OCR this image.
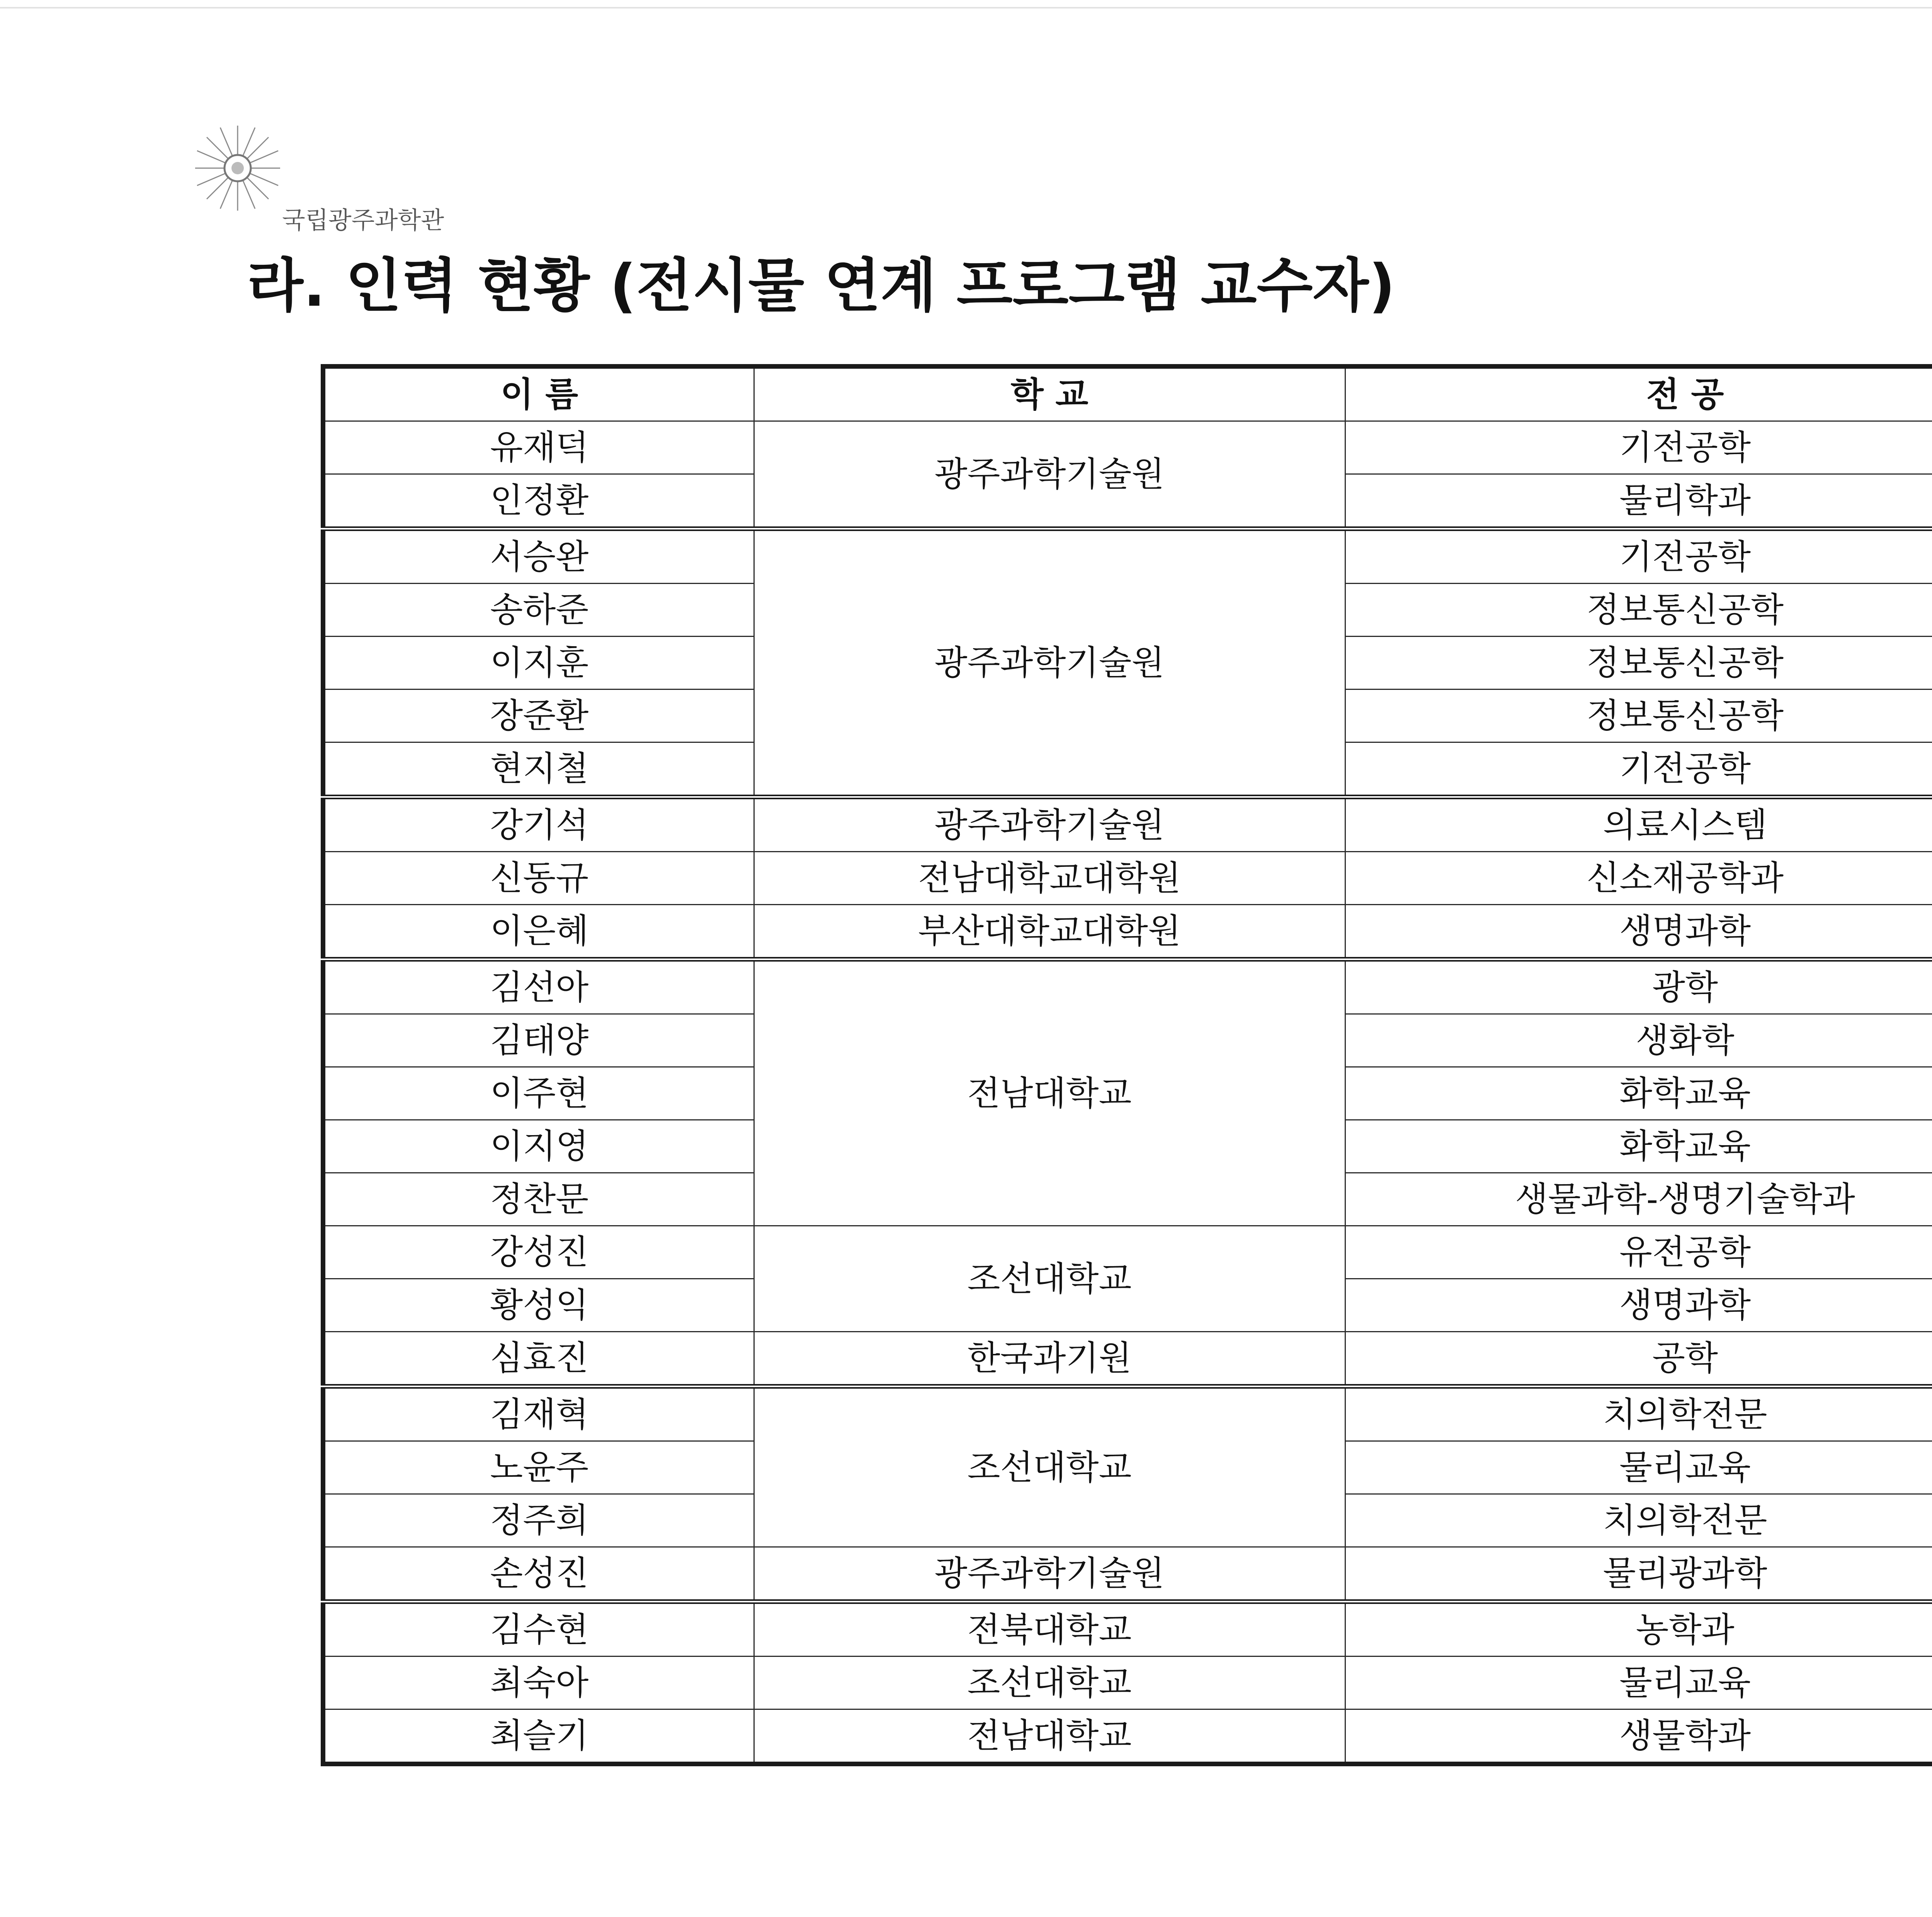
국립광주과학관
라. 인력 현황 (전시물 연계 프로그램 교수자)
이 름	학 교	전 공	
유재덕	광주과학기술원	기전공학	
인정환		물리학과	
서승완	광주과학기술원	기전공학	
송하준		정보통신공학	
이지훈		정보통신공학	
장준환		정보통신공학	
현지철		기전공학	
강기석	광주과학기술원	의료시스템	
신동규	전남대학교대학원	신소재공학과	
이은혜	부산대학교대학원	생명과학	
김선아	전남대학교	광학	
김태양		생화학	
이주현		화학교육	
이지영		화학교육	
정찬문		생물과학-생명기술학과	
강성진	조선대학교	유전공학	
황성익		생명과학	
심효진	한국과기원	공학	
김재혁	조선대학교	치의학전문	
노윤주		물리교육	
정주희		치의학전문	
손성진	광주과학기술원	물리광과학	
김수현	전북대학교	농학과	
최숙아	조선대학교	물리교육	
최슬기	전남대학교	생물학과	
